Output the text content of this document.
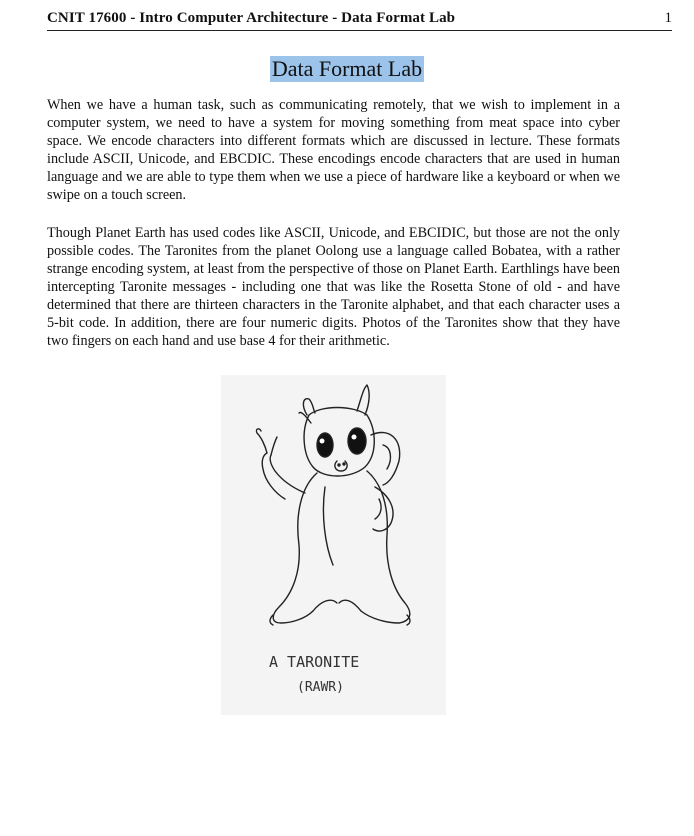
CNIT 17600 - Intro Computer Architecture - Data Format Lab	1
Data Format Lab

When we have a human task, such as communicating remotely, that we wish to implement in a computer system, we need to have a system for moving something from meat space into cyber space. We encode characters into different formats which are discussed in lecture. These formats include ASCII, Unicode, and EBCDIC. These encodings encode characters that are used in human language and we are able to type them when we use a piece of hardware like a keyboard or when we swipe on a touch screen.

Though Planet Earth has used codes like ASCII, Unicode, and EBCIDIC, but those are not the only possible codes. The Taronites from the planet Oolong use a language called Bobatea, with a rather strange encoding system, at least from the perspective of those on Planet Earth. Earthlings have been intercepting Taronite messages - including one that was like the Rosetta Stone of old - and have determined that there are thirteen characters in the Taronite alphabet, and that each character uses a 5-bit code. In addition, there are four numeric digits. Photos of the Taronites show that they have two fingers on each hand and use base 4 for their arithmetic.

A TARONITE
(RAWR)
